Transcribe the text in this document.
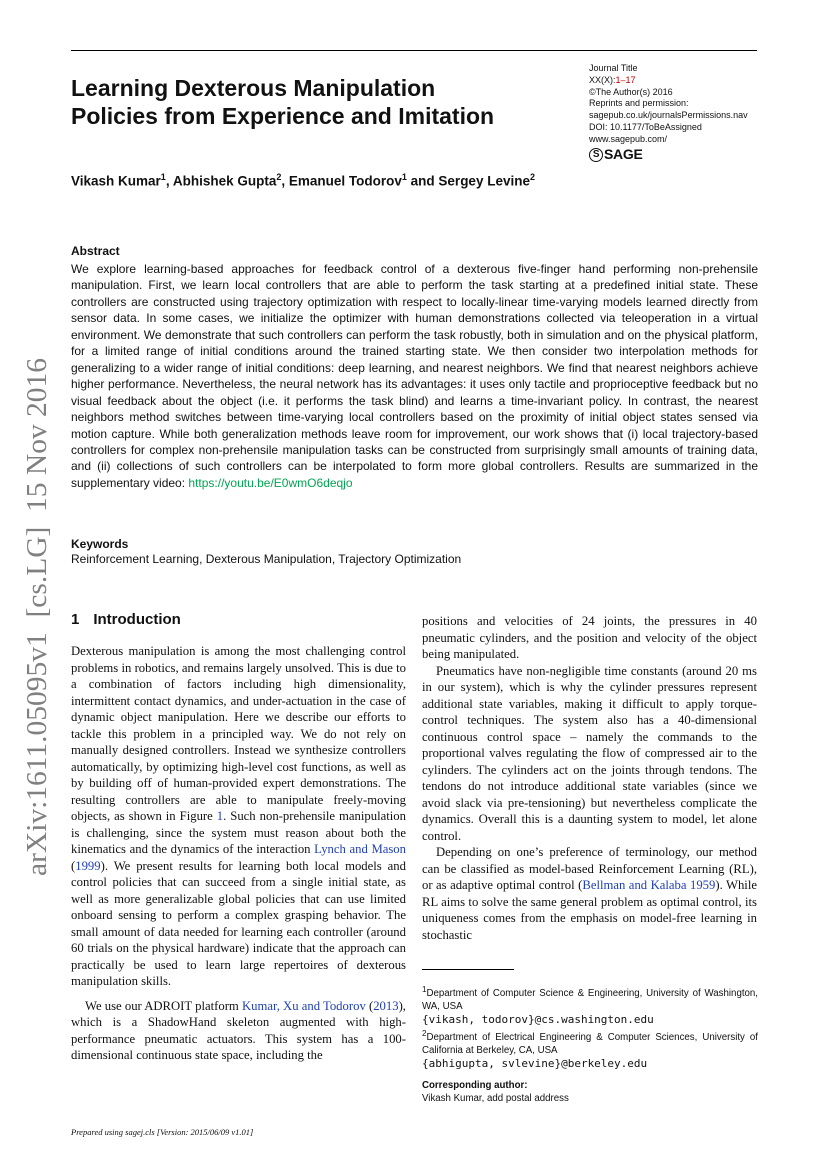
Learning Dexterous Manipulation
Policies from Experience and Imitation
Journal Title
XX(X):1–17
©The Author(s) 2016
Reprints and permission:
sagepub.co.uk/journalsPermissions.nav
DOI: 10.1177/ToBeAssigned
www.sagepub.com/
S SAGE
Vikash Kumar$^1$, Abhishek Gupta$^2$, Emanuel Todorov$^1$ and Sergey Levine$^2$
Abstract
We explore learning-based approaches for feedback control of a dexterous five-finger hand performing non-prehensile manipulation. First, we learn local controllers that are able to perform the task starting at a predefined initial state. These controllers are constructed using trajectory optimization with respect to locally-linear time-varying models learned directly from sensor data. In some cases, we initialize the optimizer with human demonstrations collected via teleoperation in a virtual environment. We demonstrate that such controllers can perform the task robustly, both in simulation and on the physical platform, for a limited range of initial conditions around the trained starting state. We then consider two interpolation methods for generalizing to a wider range of initial conditions: deep learning, and nearest neighbors. We find that nearest neighbors achieve higher performance. Nevertheless, the neural network has its advantages: it uses only tactile and proprioceptive feedback but no visual feedback about the object (i.e. it performs the task blind) and learns a time-invariant policy. In contrast, the nearest neighbors method switches between time-varying local controllers based on the proximity of initial object states sensed via motion capture. While both generalization methods leave room for improvement, our work shows that (i) local trajectory-based controllers for complex non-prehensile manipulation tasks can be constructed from surprisingly small amounts of training data, and (ii) collections of such controllers can be interpolated to form more global controllers. Results are summarized in the supplementary video: https://youtu.be/E0wmO6deqjo
Keywords
Reinforcement Learning, Dexterous Manipulation, Trajectory Optimization
1 Introduction

Dexterous manipulation is among the most challenging control problems in robotics, and remains largely unsolved. This is due to a combination of factors including high dimensionality, intermittent contact dynamics, and under-actuation in the case of dynamic object manipulation. Here we describe our efforts to tackle this problem in a principled way. We do not rely on manually designed controllers. Instead we synthesize controllers automatically, by optimizing high-level cost functions, as well as by building off of human-provided expert demonstrations. The resulting controllers are able to manipulate freely-moving objects, as shown in Figure 1. Such non-prehensile manipulation is challenging, since the system must reason about both the kinematics and the dynamics of the interaction Lynch and Mason (1999). We present results for learning both local models and control policies that can succeed from a single initial state, as well as more generalizable global policies that can use limited onboard sensing to perform a complex grasping behavior. The small amount of data needed for learning each controller (around 60 trials on the physical hardware) indicate that the approach can practically be used to learn large repertoires of dexterous manipulation skills.

We use our ADROIT platform Kumar, Xu and Todorov (2013), which is a ShadowHand skeleton augmented with high-performance pneumatic actuators. This system has a 100-dimensional continuous state space, including the

positions and velocities of 24 joints, the pressures in 40 pneumatic cylinders, and the position and velocity of the object being manipulated.

Pneumatics have non-negligible time constants (around 20 ms in our system), which is why the cylinder pressures represent additional state variables, making it difficult to apply torque-control techniques. The system also has a 40-dimensional continuous control space – namely the commands to the proportional valves regulating the flow of compressed air to the cylinders. The cylinders act on the joints through tendons. The tendons do not introduce additional state variables (since we avoid slack via pre-tensioning) but nevertheless complicate the dynamics. Overall this is a daunting system to model, let alone control.

Depending on one’s preference of terminology, our method can be classified as model-based Reinforcement Learning (RL), or as adaptive optimal control (Bellman and Kalaba 1959). While RL aims to solve the same general problem as optimal control, its uniqueness comes from the emphasis on model-free learning in stochastic

$^1$Department of Computer Science & Engineering, University of Washington, WA, USA
{vikash, todorov}@cs.washington.edu
$^2$Department of Electrical Engineering & Computer Sciences, University of California at Berkeley, CA, USA
{abhigupta, svlevine}@berkeley.edu
Corresponding author:
Vikash Kumar, add postal address
arXiv:1611.05095v1  [cs.LG]  15 Nov 2016
Prepared using sagej.cls [Version: 2015/06/09 v1.01]
